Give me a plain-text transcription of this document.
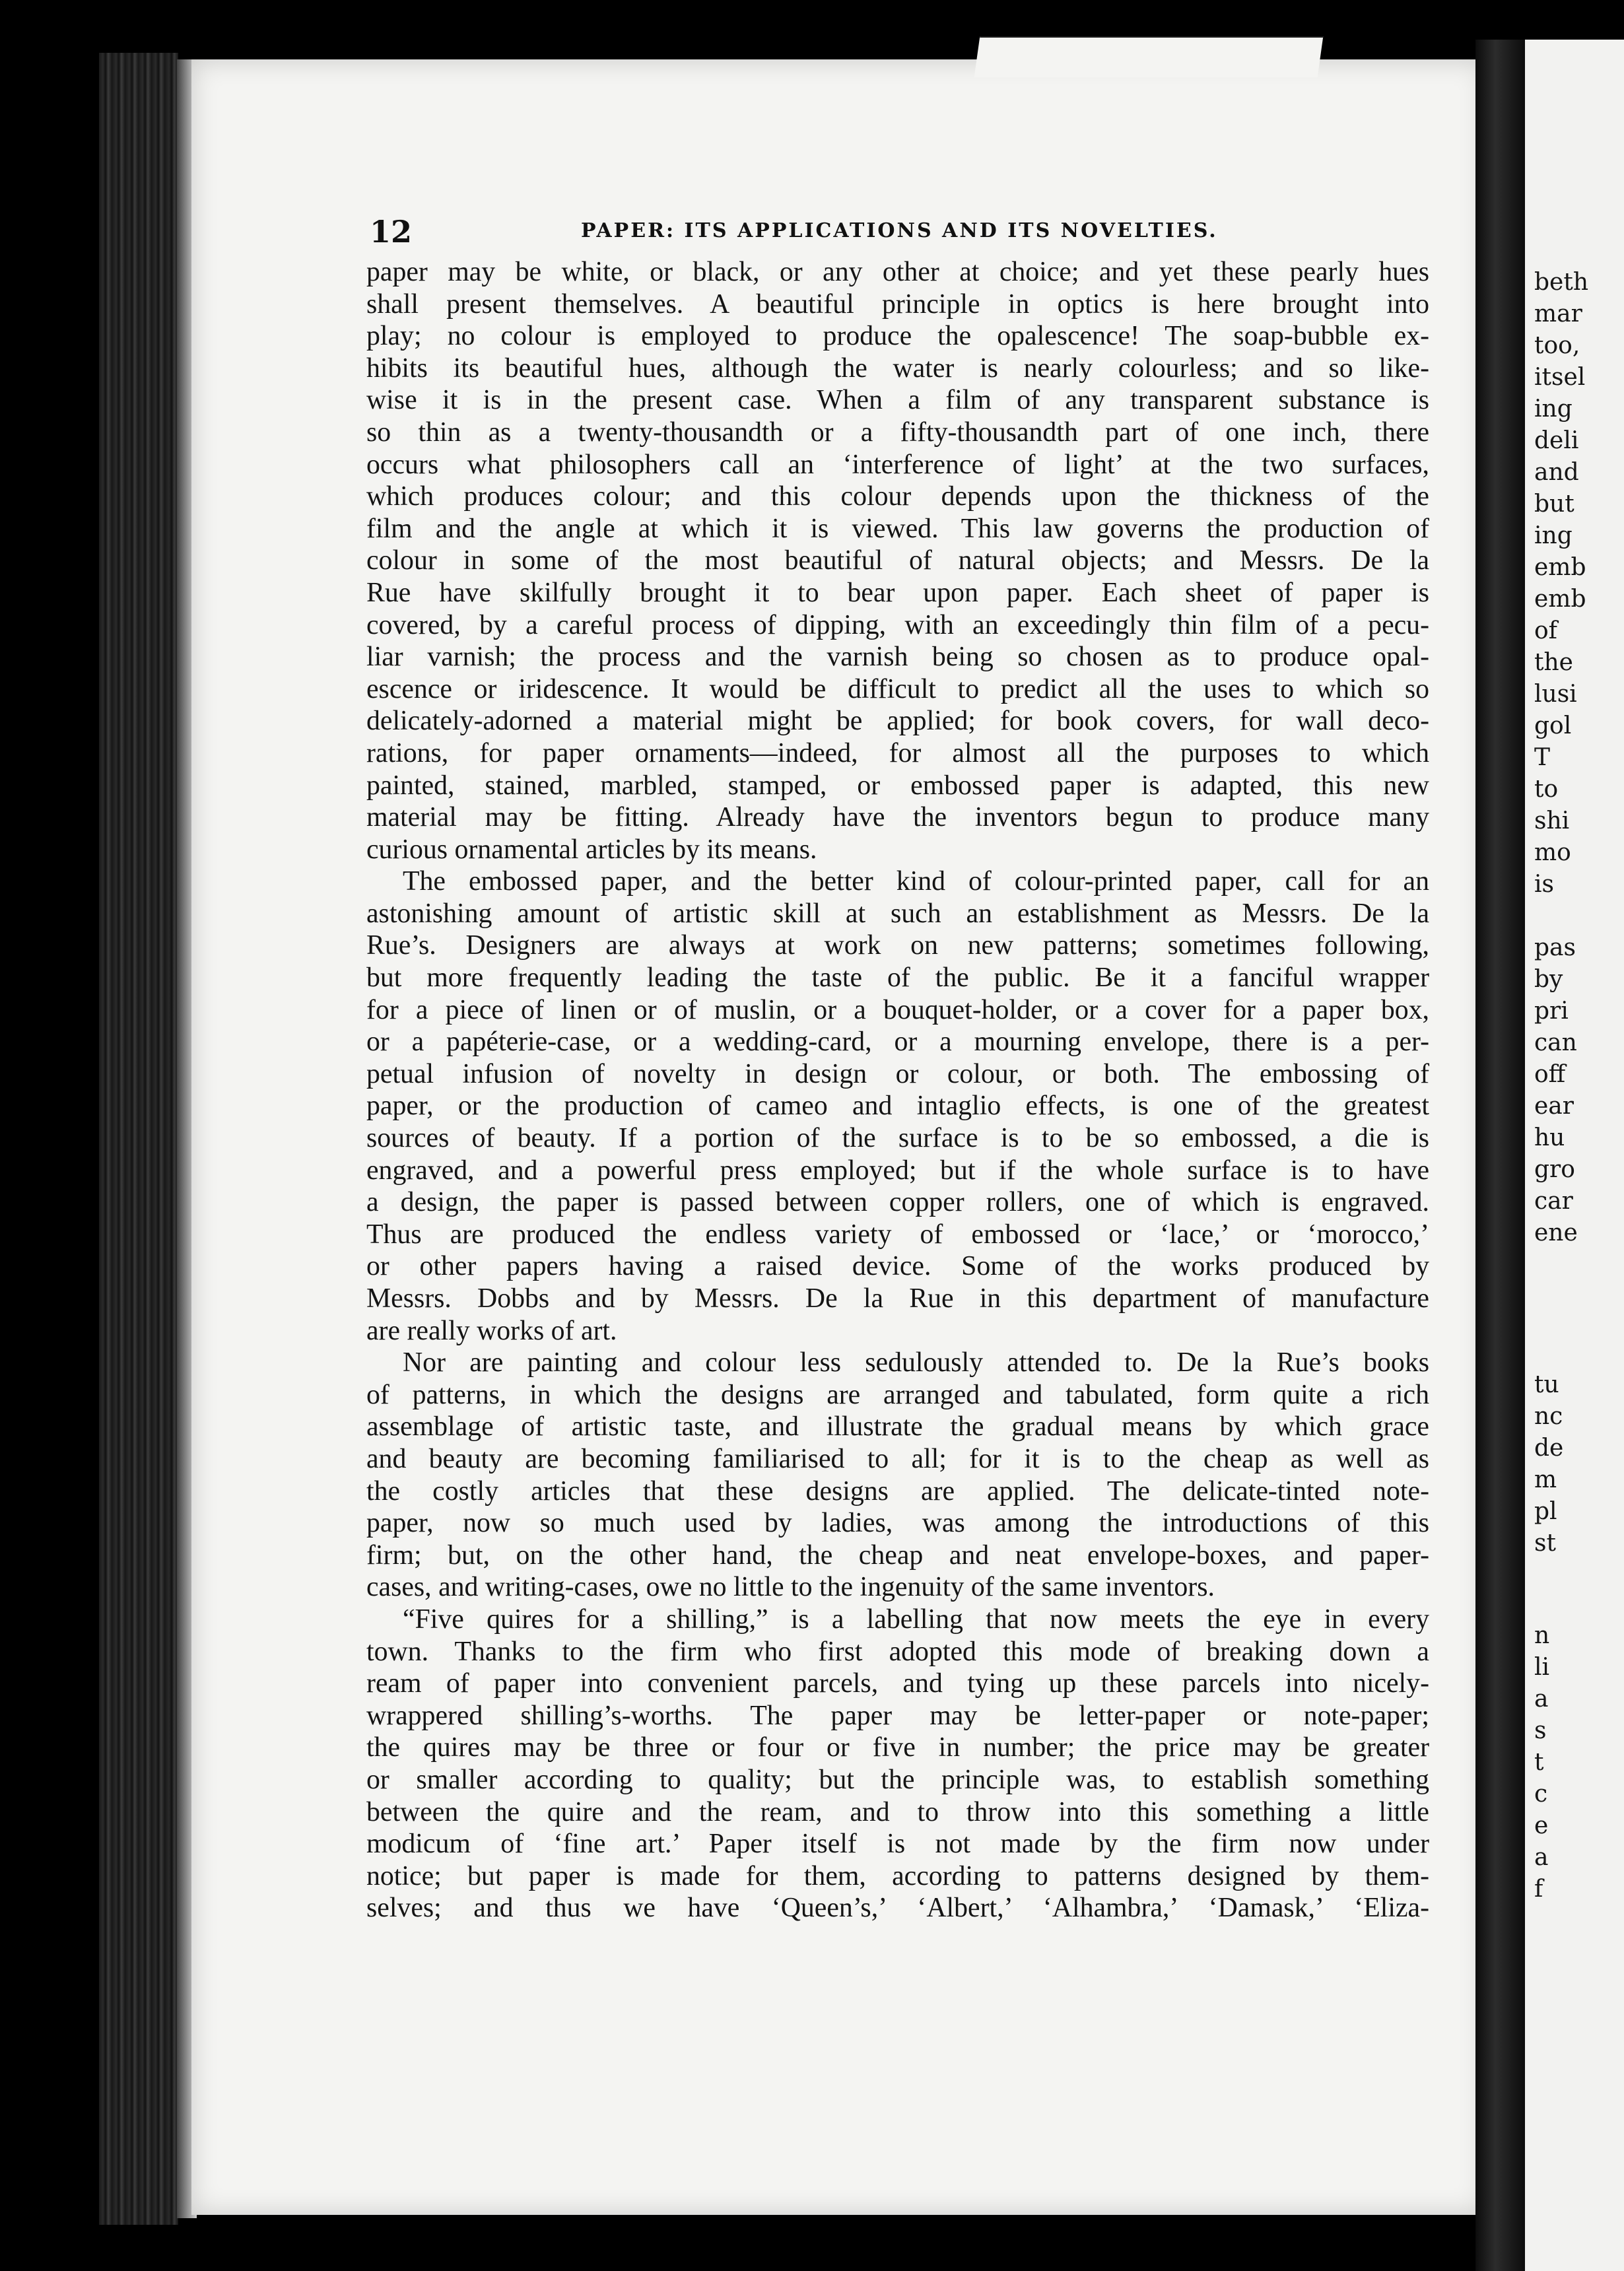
beth
mar
too,
itsel
ing
deli
and
but
ing
emb
emb
of
the
lusi
gol
T
to
shi
mo
is
pas
by
pri
can
off
ear
hu
gro
car
ene
tu
nc
de
m
pl
st
n
li
a
s
t
c
e
a
f
12	PAPER: ITS APPLICATIONS AND ITS NOVELTIES.
paper may be white, or black, or any other at choice; and yet these pearly hues
shall present themselves. A beautiful principle in optics is here brought into
play; no colour is employed to produce the opalescence! The soap-bubble ex-
hibits its beautiful hues, although the water is nearly colourless; and so like-
wise it is in the present case. When a film of any transparent substance is
so thin as a twenty-thousandth or a fifty-thousandth part of one inch, there
occurs what philosophers call an ‘interference of light’ at the two surfaces,
which produces colour; and this colour depends upon the thickness of the
film and the angle at which it is viewed. This law governs the production of
colour in some of the most beautiful of natural objects; and Messrs. De la
Rue have skilfully brought it to bear upon paper. Each sheet of paper is
covered, by a careful process of dipping, with an exceedingly thin film of a pecu-
liar varnish; the process and the varnish being so chosen as to produce opal-
escence or iridescence. It would be difficult to predict all the uses to which so
delicately-adorned a material might be applied; for book covers, for wall deco-
rations, for paper ornaments—indeed, for almost all the purposes to which
painted, stained, marbled, stamped, or embossed paper is adapted, this new
material may be fitting. Already have the inventors begun to produce many
curious ornamental articles by its means.
The embossed paper, and the better kind of colour-printed paper, call for an
astonishing amount of artistic skill at such an establishment as Messrs. De la
Rue’s. Designers are always at work on new patterns; sometimes following,
but more frequently leading the taste of the public. Be it a fanciful wrapper
for a piece of linen or of muslin, or a bouquet-holder, or a cover for a paper box,
or a papéterie-case, or a wedding-card, or a mourning envelope, there is a per-
petual infusion of novelty in design or colour, or both. The embossing of
paper, or the production of cameo and intaglio effects, is one of the greatest
sources of beauty. If a portion of the surface is to be so embossed, a die is
engraved, and a powerful press employed; but if the whole surface is to have
a design, the paper is passed between copper rollers, one of which is engraved.
Thus are produced the endless variety of embossed or ‘lace,’ or ‘morocco,’
or other papers having a raised device. Some of the works produced by
Messrs. Dobbs and by Messrs. De la Rue in this department of manufacture
are really works of art.
Nor are painting and colour less sedulously attended to. De la Rue’s books
of patterns, in which the designs are arranged and tabulated, form quite a rich
assemblage of artistic taste, and illustrate the gradual means by which grace
and beauty are becoming familiarised to all; for it is to the cheap as well as
the costly articles that these designs are applied. The delicate-tinted note-
paper, now so much used by ladies, was among the introductions of this
firm; but, on the other hand, the cheap and neat envelope-boxes, and paper-
cases, and writing-cases, owe no little to the ingenuity of the same inventors.
“Five quires for a shilling,” is a labelling that now meets the eye in every
town. Thanks to the firm who first adopted this mode of breaking down a
ream of paper into convenient parcels, and tying up these parcels into nicely-
wrappered shilling’s-worths. The paper may be letter-paper or note-paper;
the quires may be three or four or five in number; the price may be greater
or smaller according to quality; but the principle was, to establish something
between the quire and the ream, and to throw into this something a little
modicum of ‘fine art.’ Paper itself is not made by the firm now under
notice; but paper is made for them, according to patterns designed by them-
selves; and thus we have ‘Queen’s,’ ‘Albert,’ ‘Alhambra,’ ‘Damask,’ ‘Eliza-
